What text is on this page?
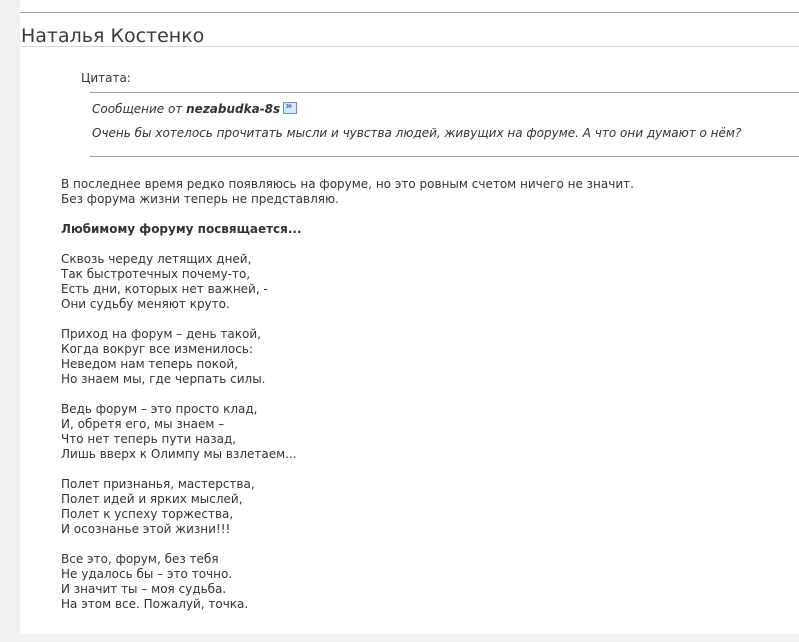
Наталья Костенко
Цитата:
Сообщение от nezabudka-8s»
Очень бы хотелось прочитать мысли и чувства людей, живущих на форуме. А что они думают о нём?

В последнее время редко появляюсь на форуме, но это ровным счетом ничего не значит.

Без форума жизни теперь не представляю.

Любимому форуму посвящается...

Сквозь череду летящих дней,

Так быстротечных почему-то,

Есть дни, которых нет важней, -

Они судьбу меняют круто.

Приход на форум – день такой,

Когда вокруг все изменилось:

Неведом нам теперь покой,

Но знаем мы, где черпать силы.

Ведь форум – это просто клад,

И, обретя его, мы знаем –

Что нет теперь пути назад,

Лишь вверх к Олимпу мы взлетаем...

Полет признанья, мастерства,

Полет идей и ярких мыслей,

Полет к успеху торжества,

И осознанье этой жизни!!!

Все это, форум, без тебя

Не удалось бы – это точно.

И значит ты – моя судьба.

На этом все. Пожалуй, точка.
